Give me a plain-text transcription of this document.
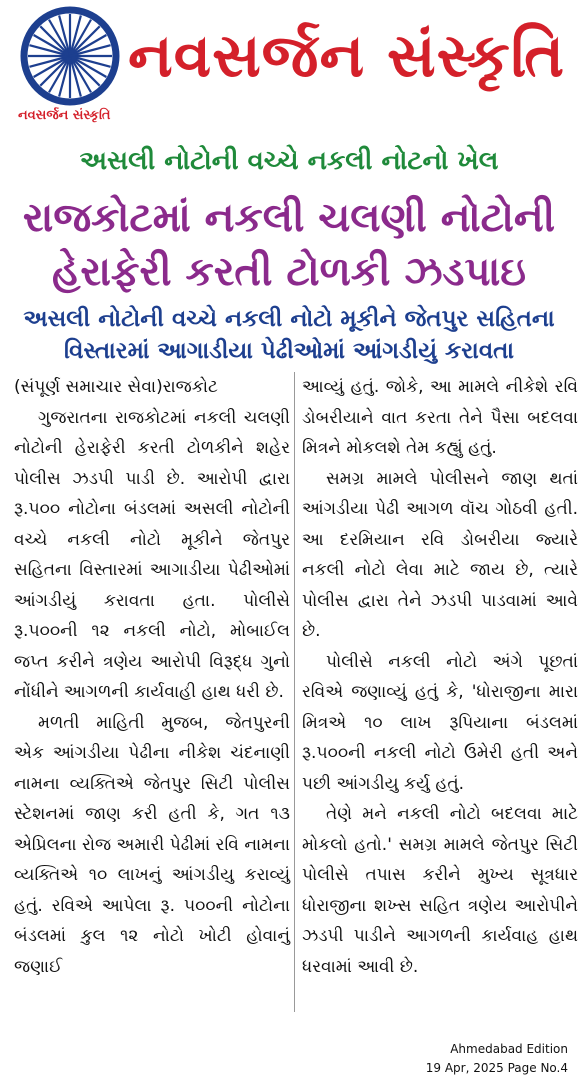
નવસર્જન સંસ્કૃતિ
નવસર્જન સંસ્કૃતિ
અસલી નોટોની વચ્ચે નકલી નોટનો ખેલ
રાજકોટમાં નકલી ચલણી નોટોની
હેરાફેરી કરતી ટોળકી ઝડપાઇ
અસલી નોટોની વચ્ચે નકલી નોટો મૂકીને જેતપુર સહિતના
વિસ્તારમાં આગાડીયા પેઢીઓમાં આંગડીયું કરાવતા

(સંપૂર્ણ સમાચાર સેવા)રાજકોટ

ગુજરાતના રાજકોટમાં નકલી ચલણી નોટોની હેરાફેરી કરતી ટોળકીને શહેર પોલીસ ઝડપી પાડી છે. આરોપી દ્વારા રૂ.૫૦૦ નોટોના બંડલમાં અસલી નોટોની વચ્ચે નકલી નોટો મૂકીને જેતપુર સહિતના વિસ્તારમાં આગાડીયા પેઢીઓમાં આંગડીયું કરાવતા હતા. પોલીસે રૂ.૫૦૦ની ૧૨ નકલી નોટો, મોબાઈલ જપ્ત કરીને ત્રણેય આરોપી વિરૂદ્ધ ગુનો નોંધીને આગળની કાર્યવાહી હાથ ધરી છે.

મળતી માહિતી મુજબ, જેતપુરની એક આંગડીયા પેઢીના નીકેશ ચંદનાણી નામના વ્યક્તિએ જેતપુર સિટી પોલીસ સ્ટેશનમાં જાણ કરી હતી કે, ગત ૧૩ એપ્રિલના રોજ અમારી પેઢીમાં રવિ નામના વ્યક્તિએ ૧૦ લાખનું આંગડીયુ કરાવ્યું હતું. રવિએ આપેલા રૂ. ૫૦૦ની નોટોના બંડલમાં કુલ ૧૨ નોટો ખોટી હોવાનું જણાઈ

આવ્યું હતું. જોકે, આ મામલે નીકેશે રવિ ડોબરીયાને વાત કરતા તેને પૈસા બદલવા મિત્રને મોકલશે તેમ કહ્યું હતું.

સમગ્ર મામલે પોલીસને જાણ થતાં આંગડીયા પેઢી આગળ વૉચ ગોઠવી હતી. આ દરમિયાન રવિ ડોબરીયા જ્યારે નકલી નોટો લેવા માટે જાય છે, ત્યારે પોલીસ દ્વારા તેને ઝડપી પાડવામાં આવે છે.

પોલીસે નકલી નોટો અંગે પૂછતાં રવિએ જણાવ્યું હતું કે, 'ધોરાજીના મારા મિત્રએ ૧૦ લાખ રૂપિયાના બંડલમાં રૂ.૫૦૦ની નકલી નોટો ઉમેરી હતી અને પછી આંગડીયુ કર્યુ હતું.

તેણે મને નકલી નોટો બદલવા માટે મોકલો હતો.' સમગ્ર મામલે જેતપુર સિટી પોલીસે તપાસ કરીને મુખ્ય સૂત્રધાર ધોરાજીના શખ્સ સહિત ત્રણેય આરોપીને ઝડપી પાડીને આગળની કાર્યવાહ હાથ ધરવામાં આવી છે.

Ahmedabad Edition
19 Apr, 2025 Page No.4
